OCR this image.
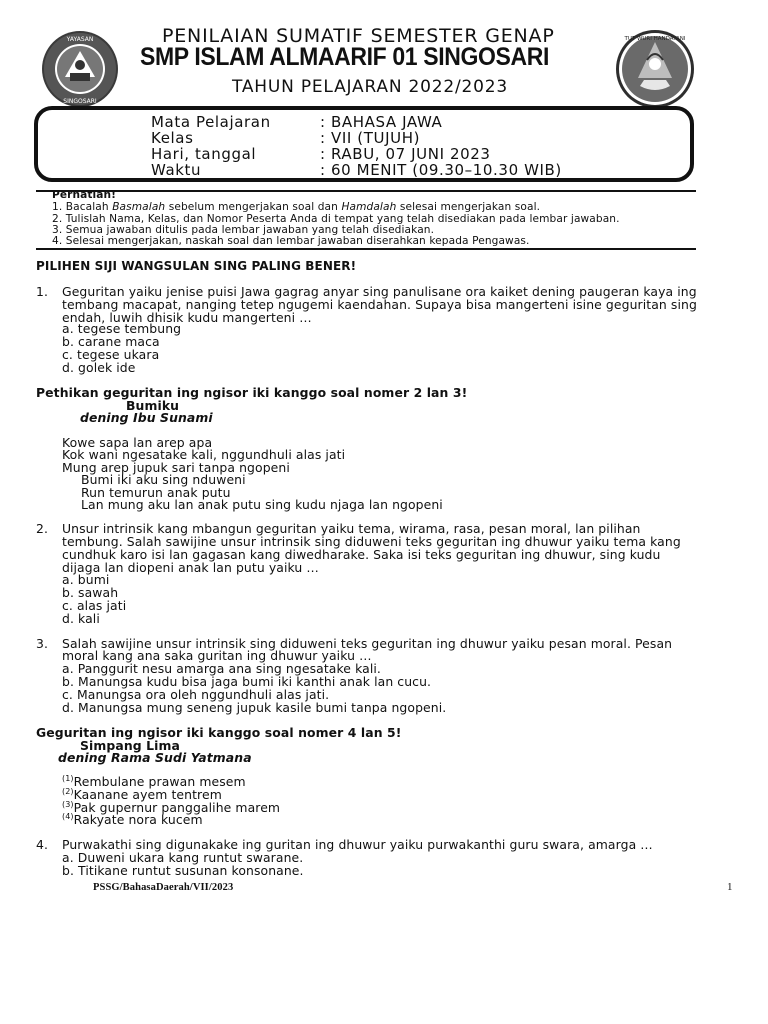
YAYASAN
SINGOSARI
TUT WURI HANDAYANI
PENILAIAN SUMATIF SEMESTER GENAP
SMP ISLAM ALMAARIF 01 SINGOSARI
TAHUN PELAJARAN 2022/2023
Mata Pelajaran	: BAHASA JAWA
Kelas	: VII (TUJUH)
Hari, tanggal	: RABU, 07 JUNI 2023
Waktu	: 60 MENIT (09.30–10.30 WIB)
Perhatian!
1. Bacalah Basmalah sebelum mengerjakan soal dan Hamdalah selesai mengerjakan soal.
2. Tulislah Nama, Kelas, dan Nomor Peserta Anda di tempat yang telah disediakan pada lembar jawaban.
3. Semua jawaban ditulis pada lembar jawaban yang telah disediakan.
4. Selesai mengerjakan, naskah soal dan lembar jawaban diserahkan kepada Pengawas.
PILIHEN SIJI WANGSULAN SING PALING BENER!
1. Geguritan yaiku jenise puisi Jawa gagrag anyar sing panulisane ora kaiket dening paugeran kaya ing
tembang macapat, nanging tetep ngugemi kaendahan. Supaya bisa mangerteni isine geguritan sing
endah, luwih dhisik kudu mangerteni …
a. tegese tembung
b. carane maca
c. tegese ukara
d. golek ide
Pethikan geguritan ing ngisor iki kanggo soal nomer 2 lan 3!
Bumiku
dening Ibu Sunami
Kowe sapa lan arep apa
Kok wani ngesatake kali, nggundhuli alas jati
Mung arep jupuk sari tanpa ngopeni
Bumi iki aku sing nduweni
Run temurun anak putu
Lan mung aku lan anak putu sing kudu njaga lan ngopeni
2. Unsur intrinsik kang mbangun geguritan yaiku tema, wirama, rasa, pesan moral, lan pilihan
tembung. Salah sawijine unsur intrinsik sing diduweni teks geguritan ing dhuwur yaiku tema kang
cundhuk karo isi lan gagasan kang diwedharake. Saka isi teks geguritan ing dhuwur, sing kudu
dijaga lan diopeni anak lan putu yaiku …
a. bumi
b. sawah
c. alas jati
d. kali
3. Salah sawijine unsur intrinsik sing diduweni teks geguritan ing dhuwur yaiku pesan moral. Pesan
moral kang ana saka guritan ing dhuwur yaiku …
a. Panggurit nesu amarga ana sing ngesatake kali.
b. Manungsa kudu bisa jaga bumi iki kanthi anak lan cucu.
c. Manungsa ora oleh nggundhuli alas jati.
d. Manungsa mung seneng jupuk kasile bumi tanpa ngopeni.
Geguritan ing ngisor iki kanggo soal nomer 4 lan 5!
Simpang Lima
dening Rama Sudi Yatmana
$^{(1)}$Rembulane prawan mesem
$^{(2)}$Kaanane ayem tentrem
$^{(3)}$Pak gupernur panggalihe marem
$^{(4)}$Rakyate nora kucem
4. Purwakathi sing digunakake ing guritan ing dhuwur yaiku purwakanthi guru swara, amarga …
a. Duweni ukara kang runtut swarane.
b. Titikane runtut susunan konsonane.
PSSG/BahasaDaerah/VII/2023	1
